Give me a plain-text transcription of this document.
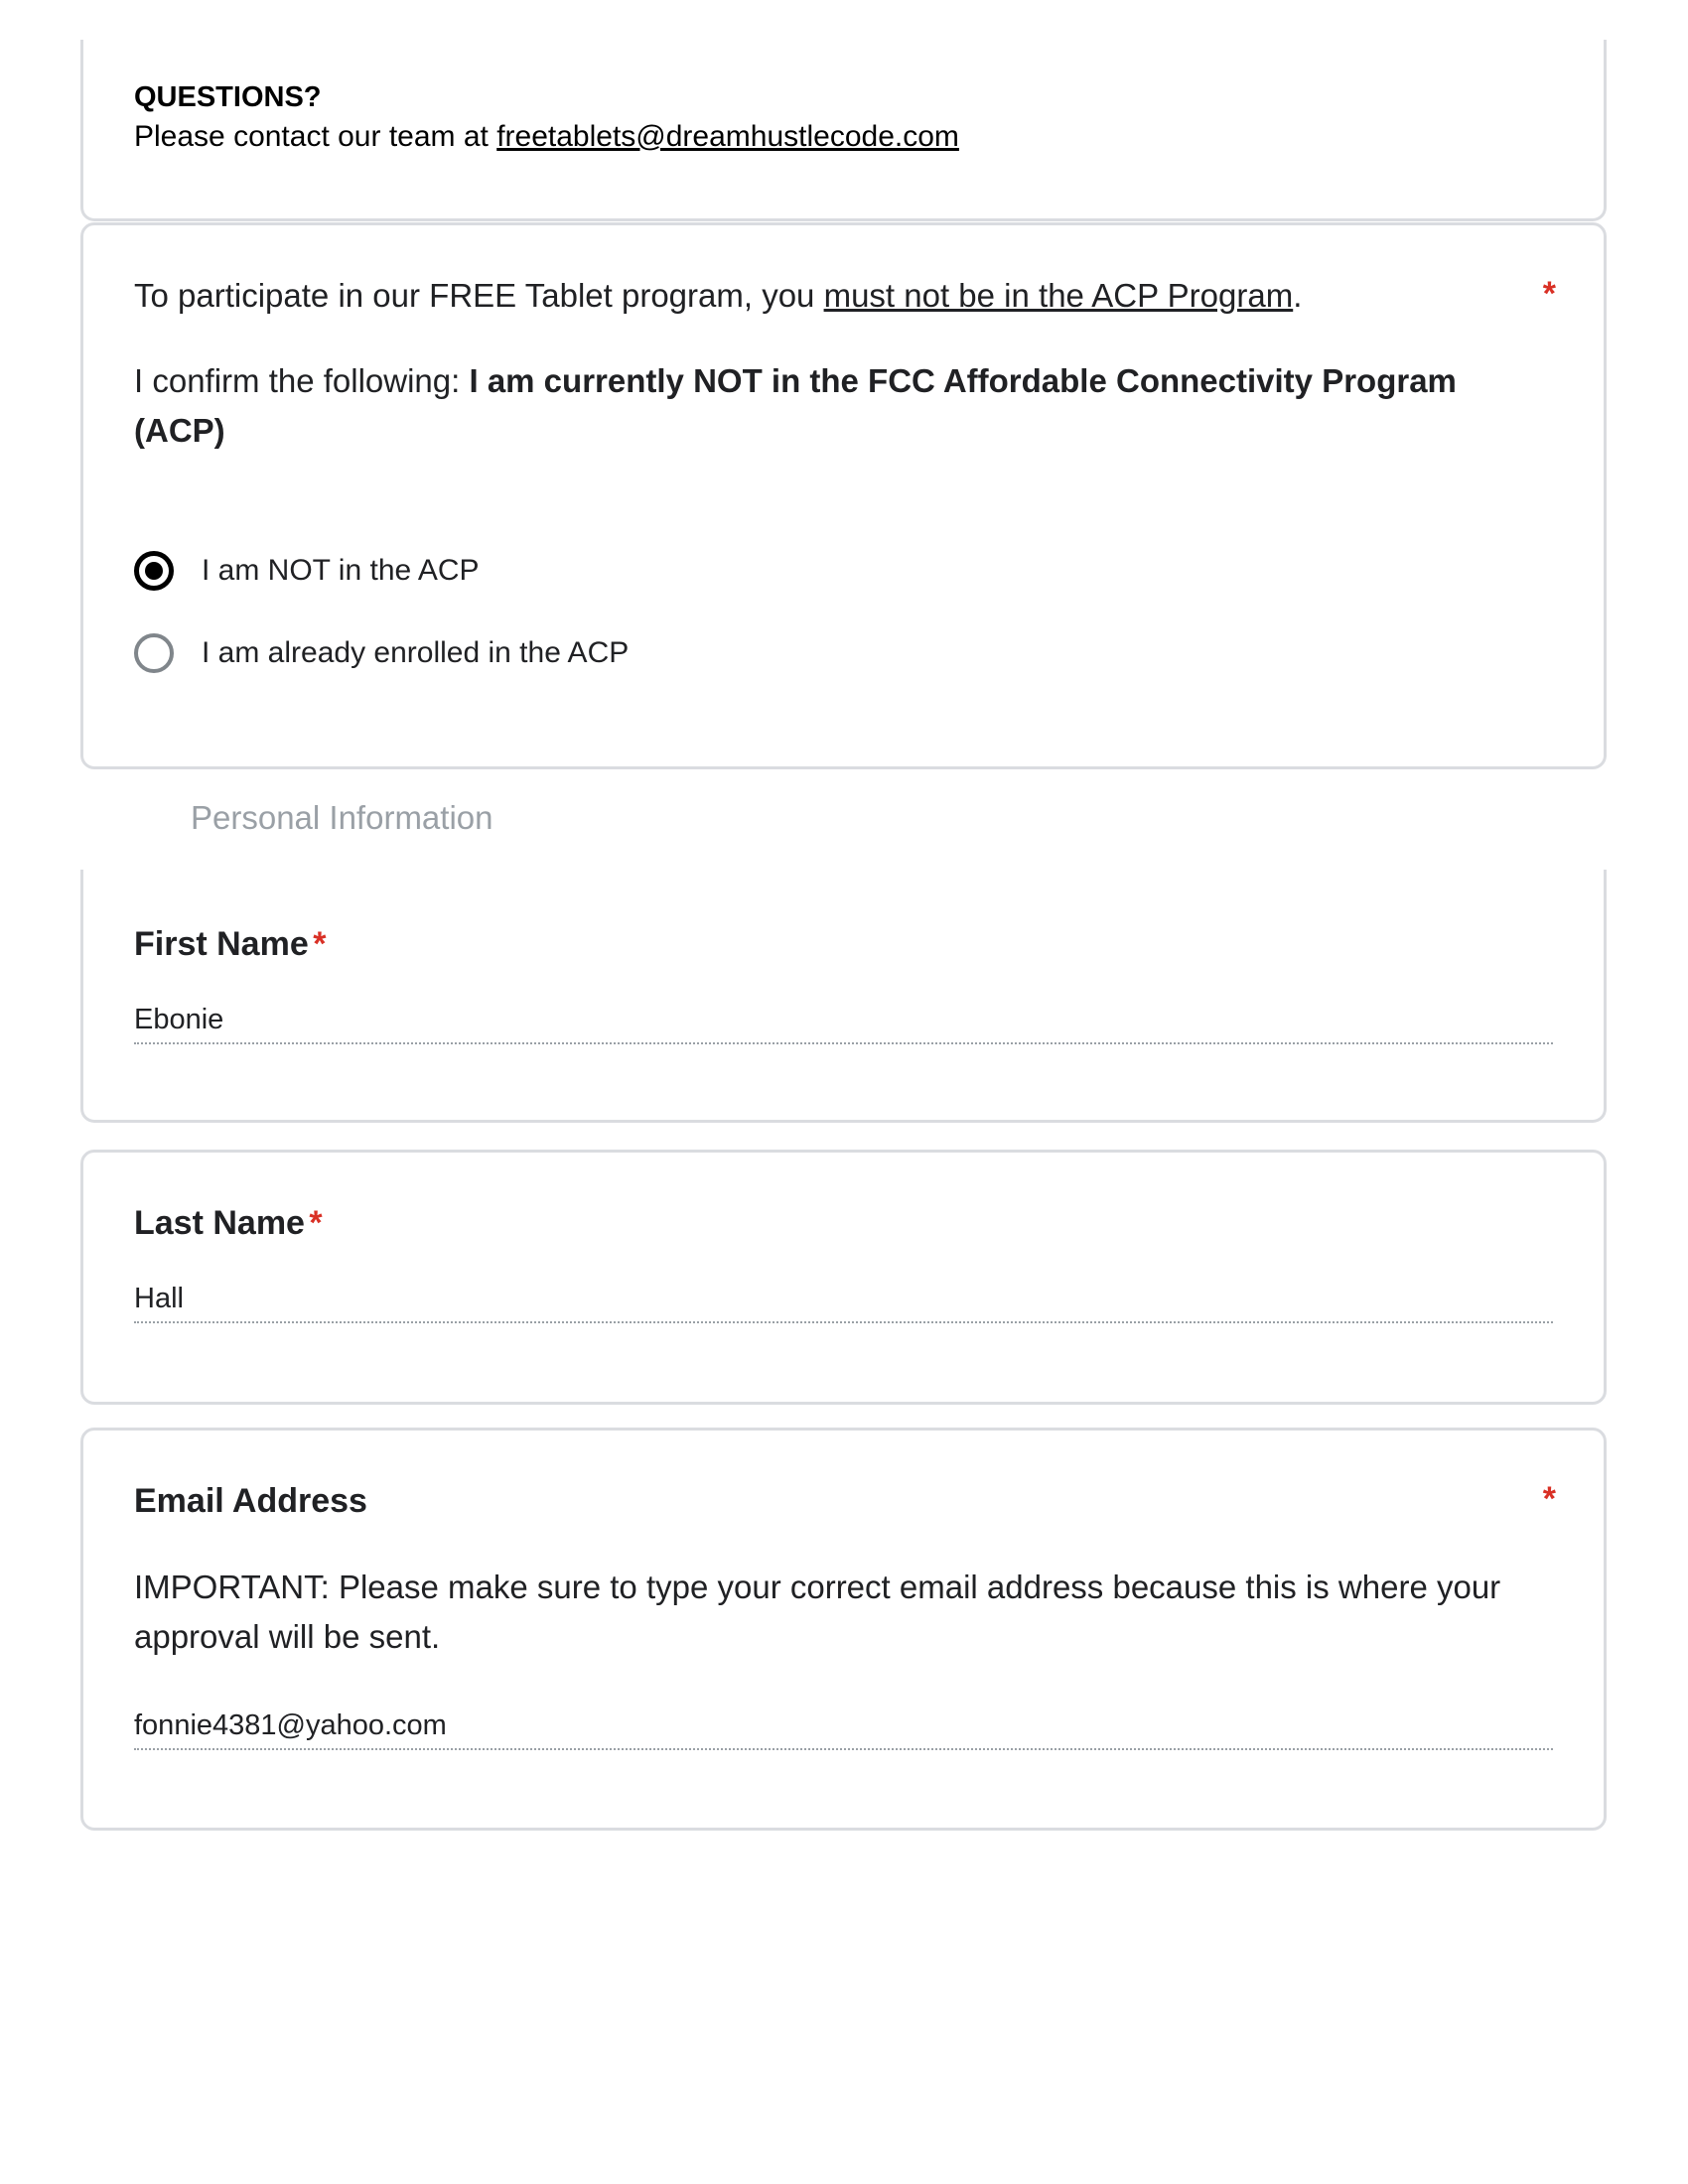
QUESTIONS?
Please contact our team at freetablets@dreamhustlecode.com
To participate in our FREE Tablet program, you must not be in the ACP Program.
I confirm the following: I am currently NOT in the FCC Affordable Connectivity Program (ACP)
*
I am NOT in the ACP
I am already enrolled in the ACP
Personal Information
First Name *
Ebonie
Last Name *
Hall
Email Address
IMPORTANT: Please make sure to type your correct email address because this is where your approval will be sent.
*
fonnie4381@yahoo.com
